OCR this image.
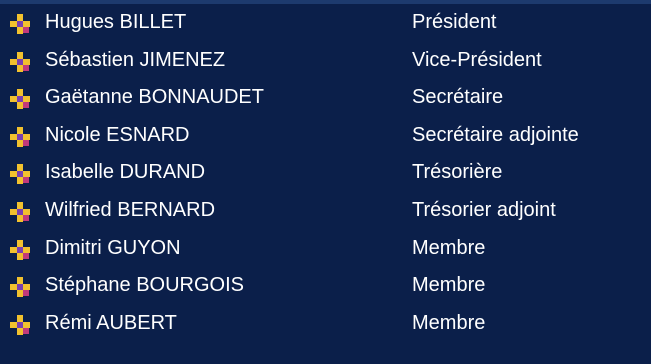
Hugues BILLET	Président
Sébastien JIMENEZ	Vice-Président
Gaëtanne BONNAUDET	Secrétaire
Nicole ESNARD	Secrétaire adjointe
Isabelle DURAND	Trésorière
Wilfried BERNARD	Trésorier adjoint
Dimitri GUYON	Membre
Stéphane BOURGOIS	Membre
Rémi AUBERT	Membre
